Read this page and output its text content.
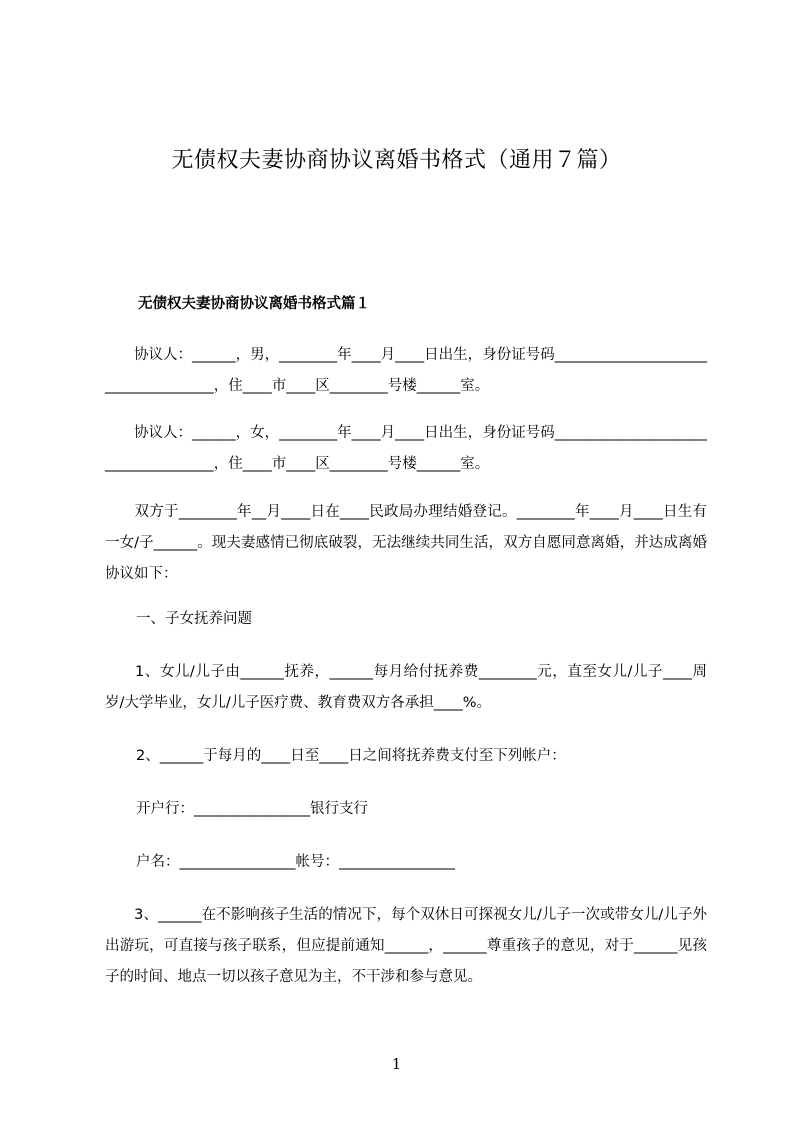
无债权夫妻协商协议离婚书格式（通用７篇）
无债权夫妻协商协议离婚书格式篇１
　　协议人：______，男，________年____月____日出生，身份证号码____________________________________，住____市____区________号楼______室。
　　协议人：______，女，________年____月____日出生，身份证号码____________________________________，住____市____区________号楼______室。
　　双方于________年__月____日在____民政局办理结婚登记。________年____月____日生有一女/子______。现夫妻感情已彻底破裂，无法继续共同生活，双方自愿同意离婚，并达成离婚协议如下：
一、子女抚养问题
　　1、女儿/儿子由______抚养，______每月给付抚养费________元，直至女儿/儿子____周岁/大学毕业，女儿/儿子医疗费、教育费双方各承担____%。
2、______于每月的____日至____日之间将抚养费支付至下列帐户：
开户行：________________银行支行
户名：________________帐号：________________
　　3、______在不影响孩子生活的情况下，每个双休日可探视女儿/儿子一次或带女儿/儿子外出游玩，可直接与孩子联系，但应提前通知______，______尊重孩子的意见，对于______见孩子的时间、地点一切以孩子意见为主，不干涉和参与意见。
1
